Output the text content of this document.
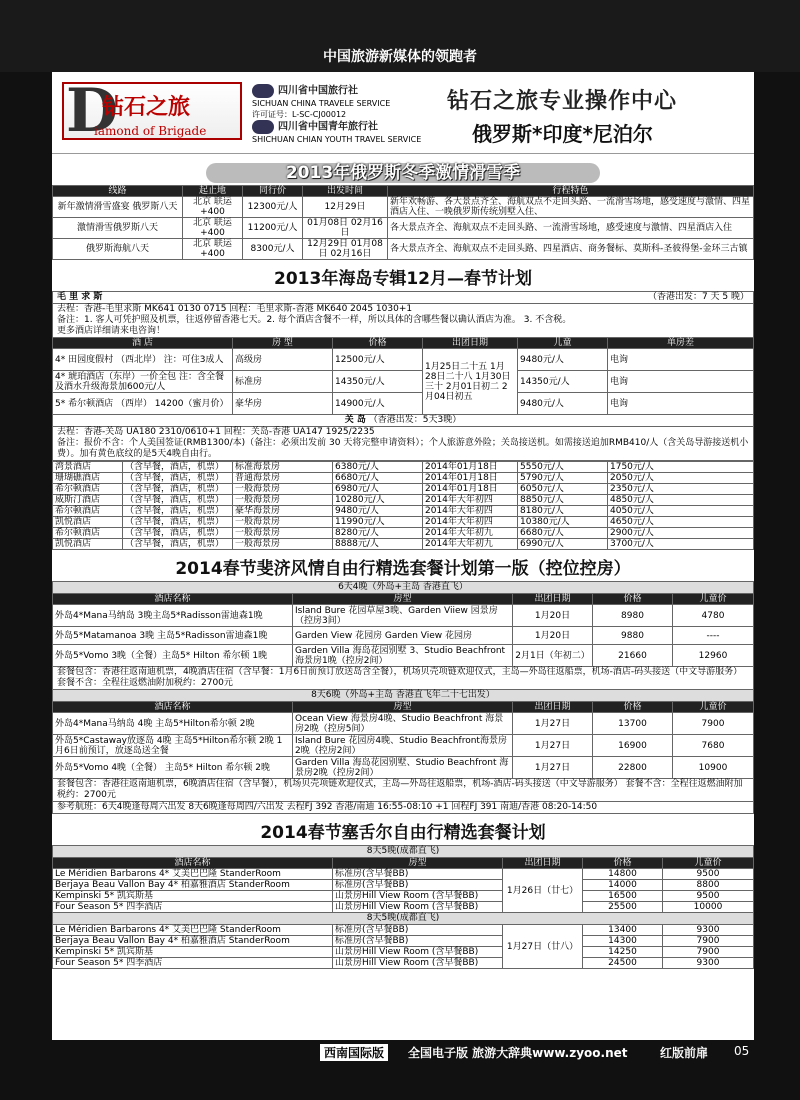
中国旅游新媒体的领跑者
D
钻石之旅
iamond of Brigade
四川省中国旅行社
SICHUAN CHINA TRAVELE SERVICE
许可证号：L-SC-CJ00012
四川省中国青年旅行社
SHICHUAN CHIAN YOUTH TRAVEL SERVICE
钻石之旅专业操作中心
俄罗斯*印度*尼泊尔
2013年俄罗斯冬季激情滑雪季
线路	起止地	同行价	出发时间	行程特色
新年激情滑雪盛宴 俄罗斯八天	北京 联运+400	12300元/人	12月29日	新年欢畅游、各大景点齐全、海航双点不走回头路、一流滑雪场地，感受速度与激情、四星酒店入住、一晚俄罗斯传统别墅入住、
激情滑雪俄罗斯八天	北京 联运+400	11200元/人	01月08日 02月16日	各大景点齐全、海航双点不走回头路、一流滑雪场地，感受速度与激情、四星酒店入住
俄罗斯海航八天	北京 联运+400	8300元/人	12月29日 01月08日 02月16日	各大景点齐全、海航双点不走回头路、四星酒店、商务餐标、莫斯科-圣彼得堡-金环三古镇
2013年海岛专辑12月—春节计划
毛 里 求 斯 （香港出发：7 天 5 晚）					

去程：香港-毛里求斯 MK641 0130 0715 回程：毛里求斯-香港 MK640 2045 1030+1
备注：1. 客人可凭护照及机票，往返停留香港七天。2. 每个酒店含餐不一样，所以具体的含哪些餐以确认酒店为准。 3. 不含税。
更多酒店详细请来电咨询！					

酒 店	房 型	价格	出团日期	儿童	单房差
4* 田园度假村 （西北岸） 注：可住3成人	高级房	12500元/人	1月25日二十五 1月28日二十八 1月30日三十 2月01日初二 2月04日初五	9480元/人	电询
4* 琥珀酒店（东岸）一价全包 注：含全餐及酒水升级海景加600元/人	标准房	14350元/人		14350元/人	电询
5* 希尔顿酒店 （西岸） 14200（蜜月价）	豪华房	14900元/人		9480元/人	电询
关 岛 （香港出发：5天3晚）					

去程：香港-关岛 UA180 2310/0610+1 回程：关岛-香港 UA147 1925/2235
备注：报价不含：个人美国签证(RMB1300/本)（备注：必须出发前 30 天将完整申请资料）；个人旅游意外险；关岛接送机。如需接送追加RMB410/人（含关岛导游接送机小费）。加有黄色底纹的是5天4晚自由行。					
湾景酒店	（含早餐，酒店，机票）	标准海景房	6380元/人	2014年01月18日	5550元/人	1750元/人
珊瑚礁酒店	（含早餐，酒店，机票）	普通海景房	6680元/人	2014年01月18日	5790元/人	2050元/人
希尔顿酒店	（含早餐，酒店，机票）	一般海景房	6980元/人	2014年01月18日	6050元/人	2350元/人
威斯汀酒店	（含早餐，酒店，机票）	一般海景房	10280元/人	2014年大年初四	8850元/人	4850元/人
希尔顿酒店	（含早餐，酒店，机票）	豪华海景房	9480元/人	2014年大年初四	8180元/人	4050元/人
凯悦酒店	（含早餐，酒店，机票）	一般海景房	11990元/人	2014年大年初四	10380元/人	4650元/人
希尔顿酒店	（含早餐，酒店，机票）	一般海景房	8280元/人	2014年大年初九	6680元/人	2900元/人
凯悦酒店	（含早餐，酒店，机票）	一般海景房	8888元/人	2014年大年初九	6990元/人	3700元/人
2014春节斐济风情自由行精选套餐计划第一版（控位控房）
6天4晚（外岛+主岛 香港直飞）				
酒店名称	房型	出团日期	价格	儿童价
外岛4*Mana马纳岛 3晚主岛5*Radisson雷迪森1晚	Island Bure 花园草屋3晚、Garden Viiew 园景房（控房3间）	1月20日	8980	4780
外岛5*Matamanoa 3晚 主岛5*Radisson雷迪森1晚	Garden View 花园房 Garden View 花园房	1月20日	9880	----
外岛5*Vomo 3晚（全餐）主岛5* Hilton 希尔顿 1晚	Garden Villa 海岛花园别墅 3、Studio Beachfront 海景房1晚（控房2间）	2月1日（年初二）	21660	12960
套餐包含：香港往返南迪机票，4晚酒店住宿（含早餐：1月6日前预订放送岛含全餐），机场贝壳项链欢迎仪式，主岛—外岛往返船票，机场-酒店-码头接送（中文导游服务） 套餐不含：全程往返燃油附加税约：2700元				
8天6晚（外岛+主岛 香港直飞年二十七出发）				
酒店名称	房型	出团日期	价格	儿童价
外岛4*Mana马纳岛 4晚 主岛5*Hilton希尔顿 2晚	Ocean View 海景房4晚、Studio Beachfront 海景房2晚（控房5间）	1月27日	13700	7900
外岛5*Castaway放逐岛 4晚 主岛5*Hilton希尔顿 2晚 1月6日前预订，放逐岛送全餐	Island Bure 花园房4晚、Studio Beachfront海景房2晚（控房2间）	1月27日	16900	7680
外岛5*Vomo 4晚（全餐） 主岛5* Hilton 希尔顿 2晚	Garden Villa 海岛花园别墅、Studio Beachfront 海景房2晚（控房2间）	1月27日	22800	10900
套餐包含：香港往返南迪机票，6晚酒店住宿（含早餐），机场贝壳项链欢迎仪式，主岛—外岛往返船票，机场-酒店-码头接送（中文导游服务） 套餐不含：全程往返燃油附加税约：2700元				
参考航班：6天4晚逢每周六出发 8天6晚逢每周四/六出发 去程FJ 392 香港/南迪 16:55-08:10 +1 回程FJ 391 南迪/香港 08:20-14:50				
2014春节塞舌尔自由行精选套餐计划
8天5晚(成都直飞)				
酒店名称	房型	出团日期	价格	儿童价
Le Méridien Barbarons 4* 艾美巴巴隆 StanderRoom	标准房(含早餐BB)	1月26日（廿七）	14800	9500
Berjaya Beau Vallon Bay 4* 柏嘉雅酒店 StanderRoom	标准房(含早餐BB)		14000	8800
Kempinski 5* 凯宾斯基	山景房Hill View Room (含早餐BB)		16500	9500
Four Season 5* 四季酒店	山景房Hill View Room (含早餐BB)		25500	10000
8天5晚(成都直飞)				
Le Méridien Barbarons 4* 艾美巴巴隆 StanderRoom	标准房(含早餐BB)	1月27日（廿八）	13400	9300
Berjaya Beau Vallon Bay 4* 柏嘉雅酒店 StanderRoom	标准房(含早餐BB)		14300	7900
Kempinski 5* 凯宾斯基	山景房Hill View Room (含早餐BB)		14250	7900
Four Season 5* 四季酒店	山景房Hill View Room (含早餐BB)		24500	9300
西南国际版	全国电子版 旅游大辞典www.zyoo.net	红版前扉 05
